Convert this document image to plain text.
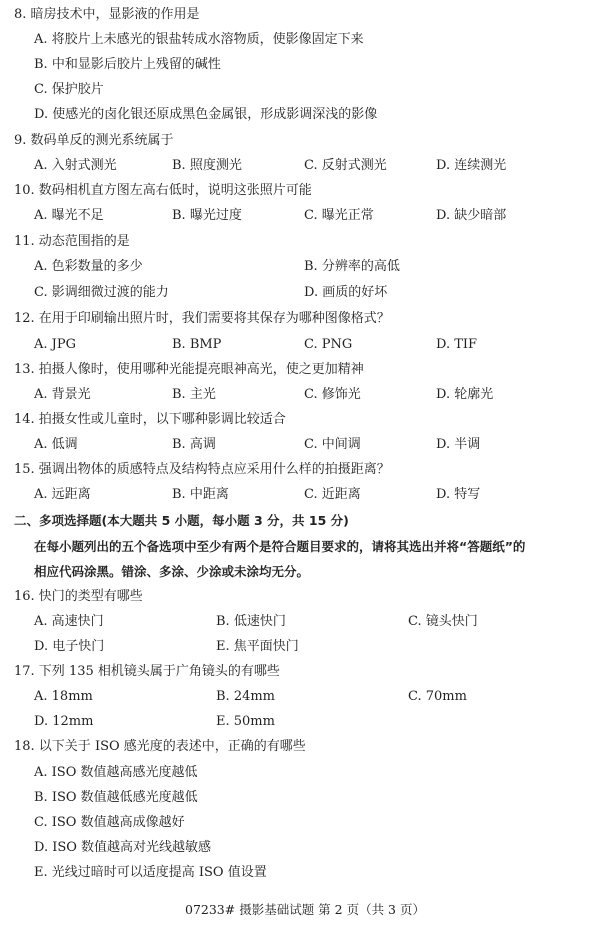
8. 暗房技术中，显影液的作用是
A. 将胶片上未感光的银盐转成水溶物质，使影像固定下来
B. 中和显影后胶片上残留的碱性
C. 保护胶片
D. 使感光的卤化银还原成黑色金属银，形成影调深浅的影像
9. 数码单反的测光系统属于
A. 入射式测光	B. 照度测光	C. 反射式测光	D. 连续测光
10. 数码相机直方图左高右低时，说明这张照片可能
A. 曝光不足	B. 曝光过度	C. 曝光正常	D. 缺少暗部
11. 动态范围指的是
A. 色彩数量的多少	B. 分辨率的高低
C. 影调细微过渡的能力	D. 画质的好坏
12. 在用于印刷输出照片时，我们需要将其保存为哪种图像格式？
A. JPG	B. BMP	C. PNG	D. TIF
13. 拍摄人像时，使用哪种光能提亮眼神高光，使之更加精神
A. 背景光	B. 主光	C. 修饰光	D. 轮廓光
14. 拍摄女性或儿童时，以下哪种影调比较适合
A. 低调	B. 高调	C. 中间调	D. 半调
15. 强调出物体的质感特点及结构特点应采用什么样的拍摄距离？
A. 远距离	B. 中距离	C. 近距离	D. 特写
二、多项选择题(本大题共 5 小题，每小题 3 分，共 15 分)
在每小题列出的五个备选项中至少有两个是符合题目要求的，请将其选出并将“答题纸”的
相应代码涂黑。错涂、多涂、少涂或未涂均无分。
16. 快门的类型有哪些
A. 高速快门	B. 低速快门	C. 镜头快门
D. 电子快门	E. 焦平面快门
17. 下列 135 相机镜头属于广角镜头的有哪些
A. 18mm	B. 24mm	C. 70mm
D. 12mm	E. 50mm
18. 以下关于 ISO 感光度的表述中，正确的有哪些
A. ISO 数值越高感光度越低
B. ISO 数值越低感光度越低
C. ISO 数值越高成像越好
D. ISO 数值越高对光线越敏感
E. 光线过暗时可以适度提高 ISO 值设置
07233# 摄影基础试题 第 2 页（共 3 页）
